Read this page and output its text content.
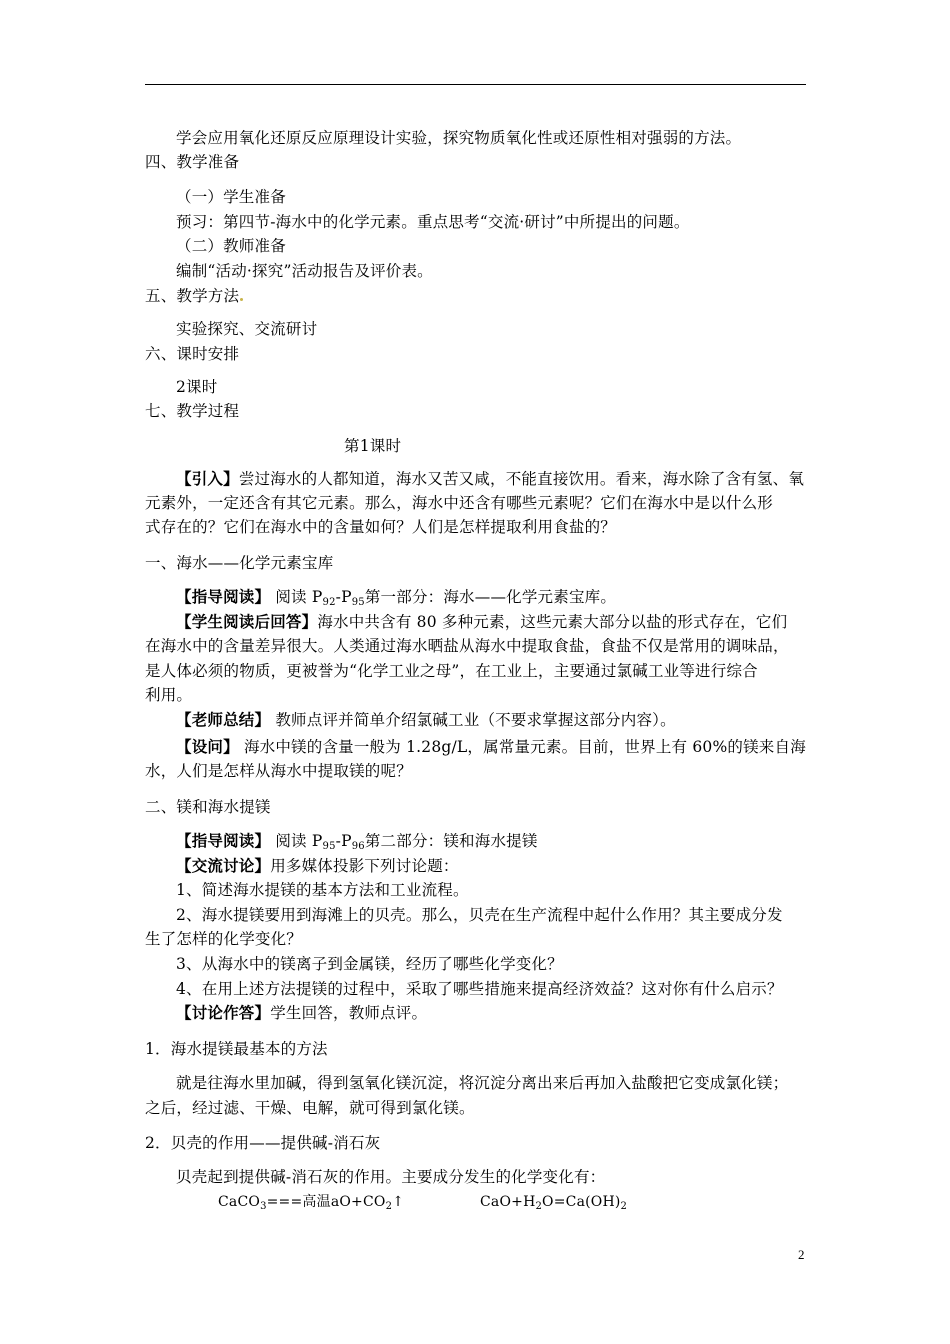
学会应用氧化还原反应原理设计实验，探究物质氧化性或还原性相对强弱的方法。
四、教学准备
（一）学生准备
预习：第四节-海水中的化学元素。重点思考“交流·研讨”中所提出的问题。
（二）教师准备
编制“活动·探究”活动报告及评价表。
五、教学方法
实验探究、交流研讨
六、课时安排
2课时
七、教学过程
第1课时
【引入】尝过海水的人都知道，海水又苦又咸，不能直接饮用。看来，海水除了含有氢、氧
元素外，一定还含有其它元素。那么，海水中还含有哪些元素呢？它们在海水中是以什么形
式存在的？它们在海水中的含量如何？人们是怎样提取利用食盐的？
一、海水——化学元素宝库
【指导阅读】 阅读 $P_{92}-P_{95}$第一部分：海水——化学元素宝库。
【学生阅读后回答】海水中共含有 80 多种元素，这些元素大部分以盐的形式存在，它们
在海水中的含量差异很大。人类通过海水晒盐从海水中提取食盐，食盐不仅是常用的调味品，
是人体必须的物质，更被誉为“化学工业之母”，在工业上，主要通过氯碱工业等进行综合
利用。
【老师总结】 教师点评并简单介绍氯碱工业（不要求掌握这部分内容）。
【设问】 海水中镁的含量一般为 1.28g/L，属常量元素。目前，世界上有 60%的镁来自海
水，人们是怎样从海水中提取镁的呢？
二、镁和海水提镁
【指导阅读】 阅读 $P_{95}-P_{96}$第二部分：镁和海水提镁
【交流讨论】用多媒体投影下列讨论题：
1、简述海水提镁的基本方法和工业流程。
2、海水提镁要用到海滩上的贝壳。那么，贝壳在生产流程中起什么作用？其主要成分发
生了怎样的化学变化？
3、从海水中的镁离子到金属镁，经历了哪些化学变化？
4、在用上述方法提镁的过程中，采取了哪些措施来提高经济效益？这对你有什么启示？
【讨论作答】学生回答，教师点评。
1．海水提镁最基本的方法
就是往海水里加碱，得到氢氧化镁沉淀，将沉淀分离出来后再加入盐酸把它变成氯化镁；
之后，经过滤、干燥、电解，就可得到氯化镁。
2．贝壳的作用——提供碱-消石灰
贝壳起到提供碱-消石灰的作用。主要成分发生的化学变化有：
CaCO$_3$===高温$aO+CO_2↑$	$CaO+H_2O=Ca(OH)_2$
2
